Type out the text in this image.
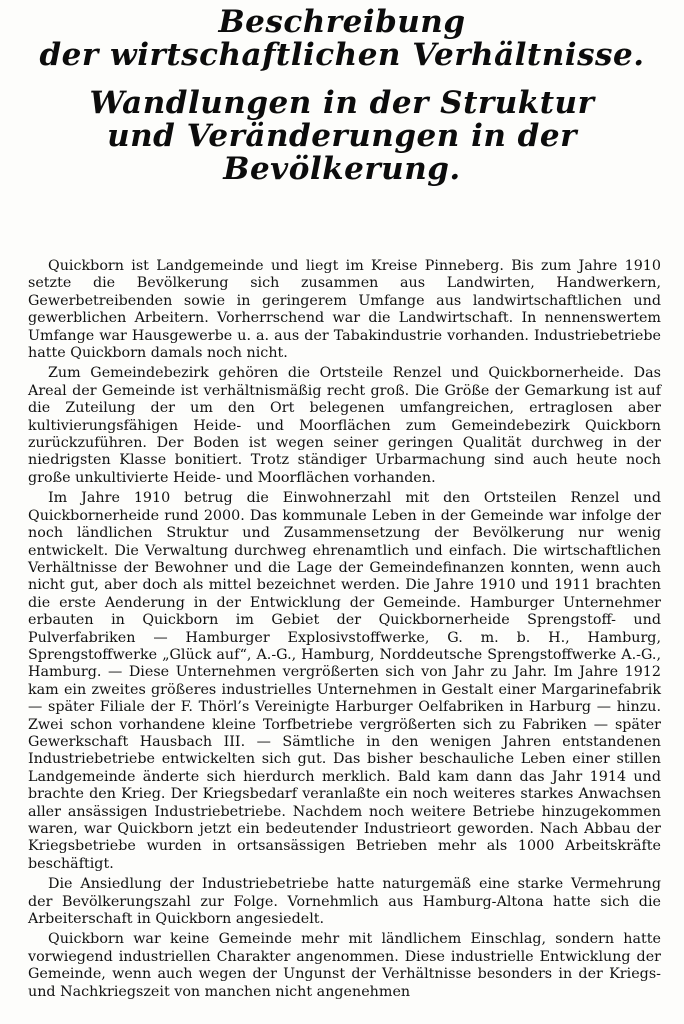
Beschreibung
der wirtschaftlichen Verhältnisse.
Wandlungen in der Struktur
und Veränderungen in der Bevölkerung.

Quickborn ist Landgemeinde und liegt im Kreise Pinneberg. Bis zum Jahre 1910 setzte die Bevölkerung sich zusammen aus Landwirten, Handwerkern, Gewerbetreibenden sowie in geringerem Umfange aus landwirtschaftlichen und gewerblichen Arbeitern. Vorherrschend war die Landwirtschaft. In nennenswertem Umfange war Hausgewerbe u. a. aus der Tabakindustrie vorhanden. Industriebetriebe hatte Quickborn damals noch nicht.

Zum Gemeindebezirk gehören die Ortsteile Renzel und Quickbornerheide. Das Areal der Gemeinde ist verhältnismäßig recht groß. Die Größe der Gemarkung ist auf die Zuteilung der um den Ort belegenen umfangreichen, ertraglosen aber kultivierungsfähigen Heide- und Moorflächen zum Gemeindebezirk Quickborn zurückzuführen. Der Boden ist wegen seiner geringen Qualität durchweg in der niedrigsten Klasse bonitiert. Trotz ständiger Urbarmachung sind auch heute noch große unkultivierte Heide- und Moorflächen vorhanden.

Im Jahre 1910 betrug die Einwohnerzahl mit den Ortsteilen Renzel und Quickbornerheide rund 2000. Das kommunale Leben in der Gemeinde war infolge der noch ländlichen Struktur und Zusammensetzung der Bevölkerung nur wenig entwickelt. Die Verwaltung durchweg ehrenamtlich und einfach. Die wirtschaftlichen Verhältnisse der Bewohner und die Lage der Gemeindefinanzen konnten, wenn auch nicht gut, aber doch als mittel bezeichnet werden. Die Jahre 1910 und 1911 brachten die erste Aenderung in der Entwicklung der Gemeinde. Hamburger Unternehmer erbauten in Quickborn im Gebiet der Quickbornerheide Sprengstoff- und Pulverfabriken — Hamburger Explosivstoffwerke, G. m. b. H., Hamburg, Sprengstoffwerke „Glück auf“, A.-G., Hamburg, Norddeutsche Sprengstoffwerke A.-G., Hamburg. — Diese Unternehmen vergrößerten sich von Jahr zu Jahr. Im Jahre 1912 kam ein zweites größeres industrielles Unternehmen in Gestalt einer Margarinefabrik — später Filiale der F. Thörl’s Vereinigte Harburger Oelfabriken in Harburg — hinzu. Zwei schon vorhandene kleine Torfbetriebe vergrößerten sich zu Fabriken — später Gewerkschaft Hausbach III. — Sämtliche in den wenigen Jahren entstandenen Industriebetriebe entwickelten sich gut. Das bisher beschauliche Leben einer stillen Landgemeinde änderte sich hierdurch merklich. Bald kam dann das Jahr 1914 und brachte den Krieg. Der Kriegsbedarf veranlaßte ein noch weiteres starkes Anwachsen aller ansässigen Industriebetriebe. Nachdem noch weitere Betriebe hinzugekommen waren, war Quickborn jetzt ein bedeutender Industrieort geworden. Nach Abbau der Kriegsbetriebe wurden in ortsansässigen Betrieben mehr als 1000 Arbeitskräfte beschäftigt.

Die Ansiedlung der Industriebetriebe hatte naturgemäß eine starke Vermehrung der Bevölkerungszahl zur Folge. Vornehmlich aus Hamburg-Altona hatte sich die Arbeiterschaft in Quickborn angesiedelt.

Quickborn war keine Gemeinde mehr mit ländlichem Einschlag, sondern hatte vorwiegend industriellen Charakter angenommen. Diese industrielle Entwicklung der Gemeinde, wenn auch wegen der Ungunst der Verhältnisse besonders in der Kriegs- und Nachkriegszeit von manchen nicht angenehmen
